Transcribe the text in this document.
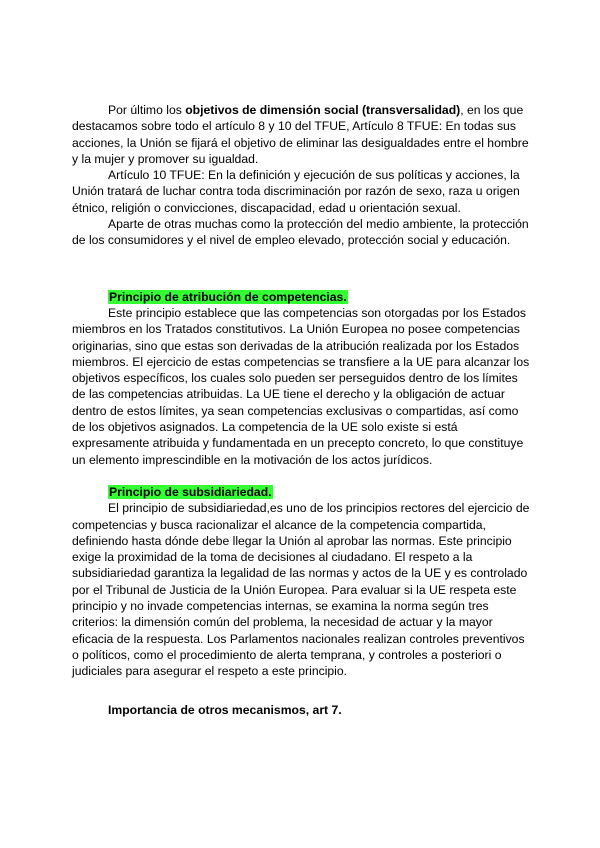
Por último los objetivos de dimensión social (transversalidad), en los que destacamos sobre todo el artículo 8 y 10 del TFUE, Artículo 8 TFUE: En todas sus acciones, la Unión se fijará el objetivo de eliminar las desigualdades entre el hombre y la mujer y promover su igualdad.

Artículo 10 TFUE: En la definición y ejecución de sus políticas y acciones, la Unión tratará de luchar contra toda discriminación por razón de sexo, raza u origen étnico, religión o convicciones, discapacidad, edad u orientación sexual.

Aparte de otras muchas como la protección del medio ambiente, la protección de los consumidores y el nivel de empleo elevado, protección social y educación.

Principio de atribución de competencias.

Este principio establece que las competencias son otorgadas por los Estados miembros en los Tratados constitutivos. La Unión Europea no posee competencias originarias, sino que estas son derivadas de la atribución realizada por los Estados miembros. El ejercicio de estas competencias se transfiere a la UE para alcanzar los objetivos específicos, los cuales solo pueden ser perseguidos dentro de los límites de las competencias atribuidas. La UE tiene el derecho y la obligación de actuar dentro de estos límites, ya sean competencias exclusivas o compartidas, así como de los objetivos asignados. La competencia de la UE solo existe si está expresamente atribuida y fundamentada en un precepto concreto, lo que constituye un elemento imprescindible en la motivación de los actos jurídicos.

Principio de subsidiariedad.

El principio de subsidiariedad,es uno de los principios rectores del ejercicio de competencias y busca racionalizar el alcance de la competencia compartida, definiendo hasta dónde debe llegar la Unión al aprobar las normas. Este principio exige la proximidad de la toma de decisiones al ciudadano. El respeto a la subsidiariedad garantiza la legalidad de las normas y actos de la UE y es controlado por el Tribunal de Justicia de la Unión Europea. Para evaluar si la UE respeta este principio y no invade competencias internas, se examina la norma según tres criterios: la dimensión común del problema, la necesidad de actuar y la mayor eficacia de la respuesta. Los Parlamentos nacionales realizan controles preventivos o políticos, como el procedimiento de alerta temprana, y controles a posteriori o judiciales para asegurar el respeto a este principio.

Importancia de otros mecanismos, art 7.
